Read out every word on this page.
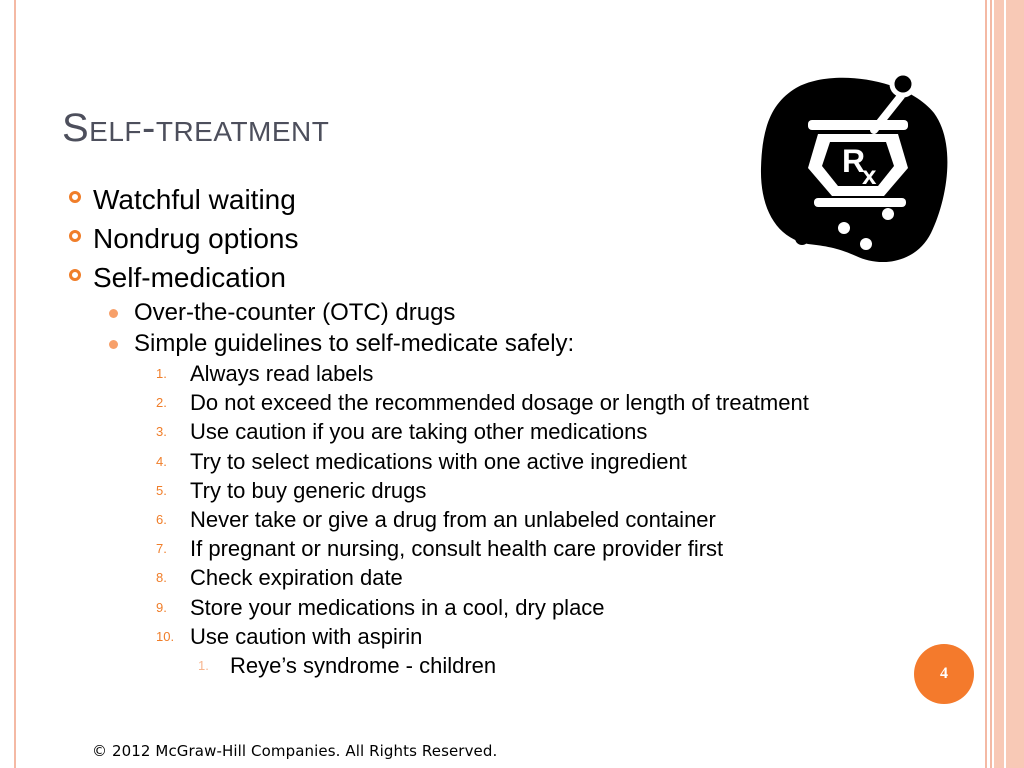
Self-treatment
R
x
Watchful waiting
Nondrug options
Self-medication
Over-the-counter (OTC) drugs
Simple guidelines to self-medicate safely:
1. Always read labels
2. Do not exceed the recommended dosage or length of treatment
3. Use caution if you are taking other medications
4. Try to select medications with one active ingredient
5. Try to buy generic drugs
6. Never take or give a drug from an unlabeled container
7. If pregnant or nursing, consult health care provider first
8. Check expiration date
9. Store your medications in a cool, dry place
10. Use caution with aspirin
1. Reye’s syndrome - children	4
© 2012 McGraw-Hill Companies. All Rights Reserved.
